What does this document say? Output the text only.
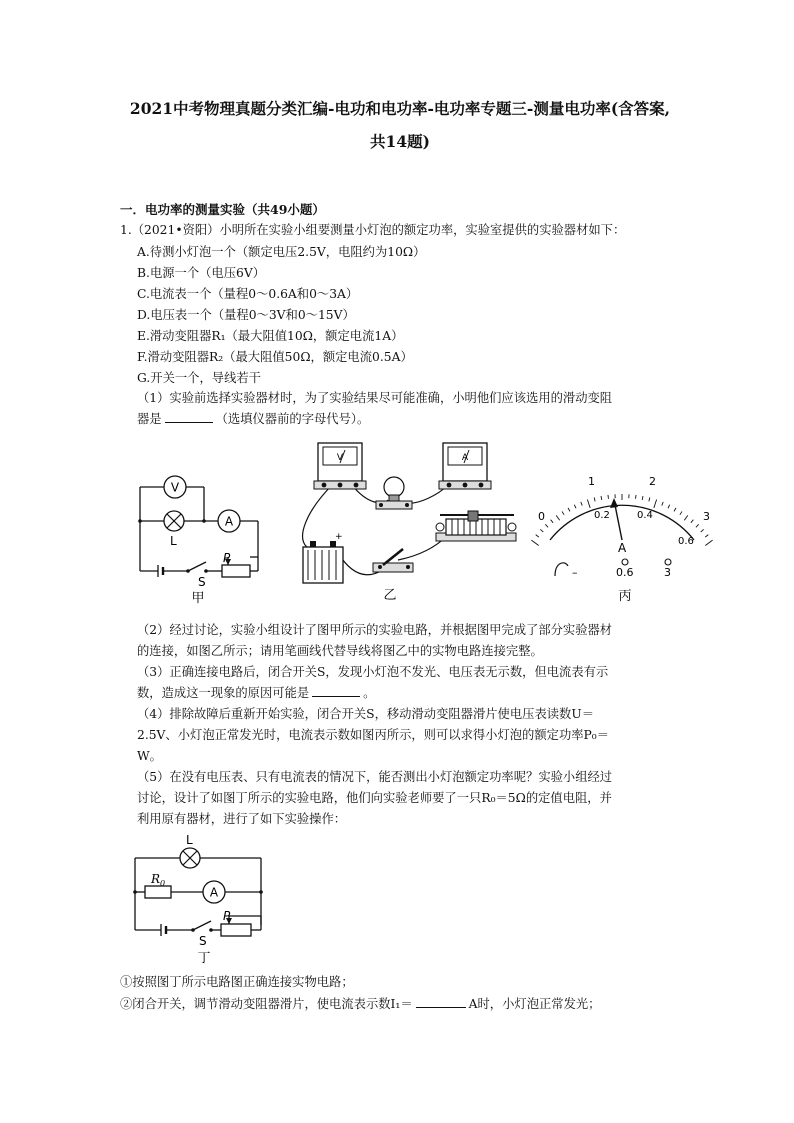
2021中考物理真题分类汇编-电功和电功率-电功率专题三-测量电功率(含答案,
共14题)
一．电功率的测量实验（共49小题）
1.（2021•资阳）小明所在实验小组要测量小灯泡的额定功率，实验室提供的实验器材如下：
A.待测小灯泡一个（额定电压2.5V，电阻约为10Ω）
B.电源一个（电压6V）
C.电流表一个（量程0～0.6A和0～3A）
D.电压表一个（量程0～3V和0～15V）
E.滑动变阻器R₁（最大阻值10Ω，额定电流1A）
F.滑动变阻器R₂（最大阻值50Ω，额定电流0.5A）
G.开关一个，导线若干
（1）实验前选择实验器材时，为了实验结果尽可能准确，小明他们应该选用的滑动变阻
器是	（选填仪器前的字母代号）。
V
A
L
S
P
甲
V	A
+
乙
0
1	2
3
0.2	0.4
0.6
A
–	0.6	3
丙
（2）经过讨论，实验小组设计了图甲所示的实验电路，并根据图甲完成了部分实验器材
的连接，如图乙所示；请用笔画线代替导线将图乙中的实物电路连接完整。
（3）正确连接电路后，闭合开关S，发现小灯泡不发光、电压表无示数，但电流表有示
数，造成这一现象的原因可能是	。
（4）排除故障后重新开始实验，闭合开关S，移动滑动变阻器滑片使电压表读数U＝
2.5V、小灯泡正常发光时，电流表示数如图丙所示，则可以求得小灯泡的额定功率P₀＝
W。
（5）在没有电压表、只有电流表的情况下，能否测出小灯泡额定功率呢？实验小组经过
讨论，设计了如图丁所示的实验电路，他们向实验老师要了一只R₀＝5Ω的定值电阻，并
利用原有器材，进行了如下实验操作：
L
$R_0$
A
P
S
丁
①按照图丁所示电路图正确连接实物电路；
②闭合开关，调节滑动变阻器滑片，使电流表示数I₁＝	A时，小灯泡正常发光；
